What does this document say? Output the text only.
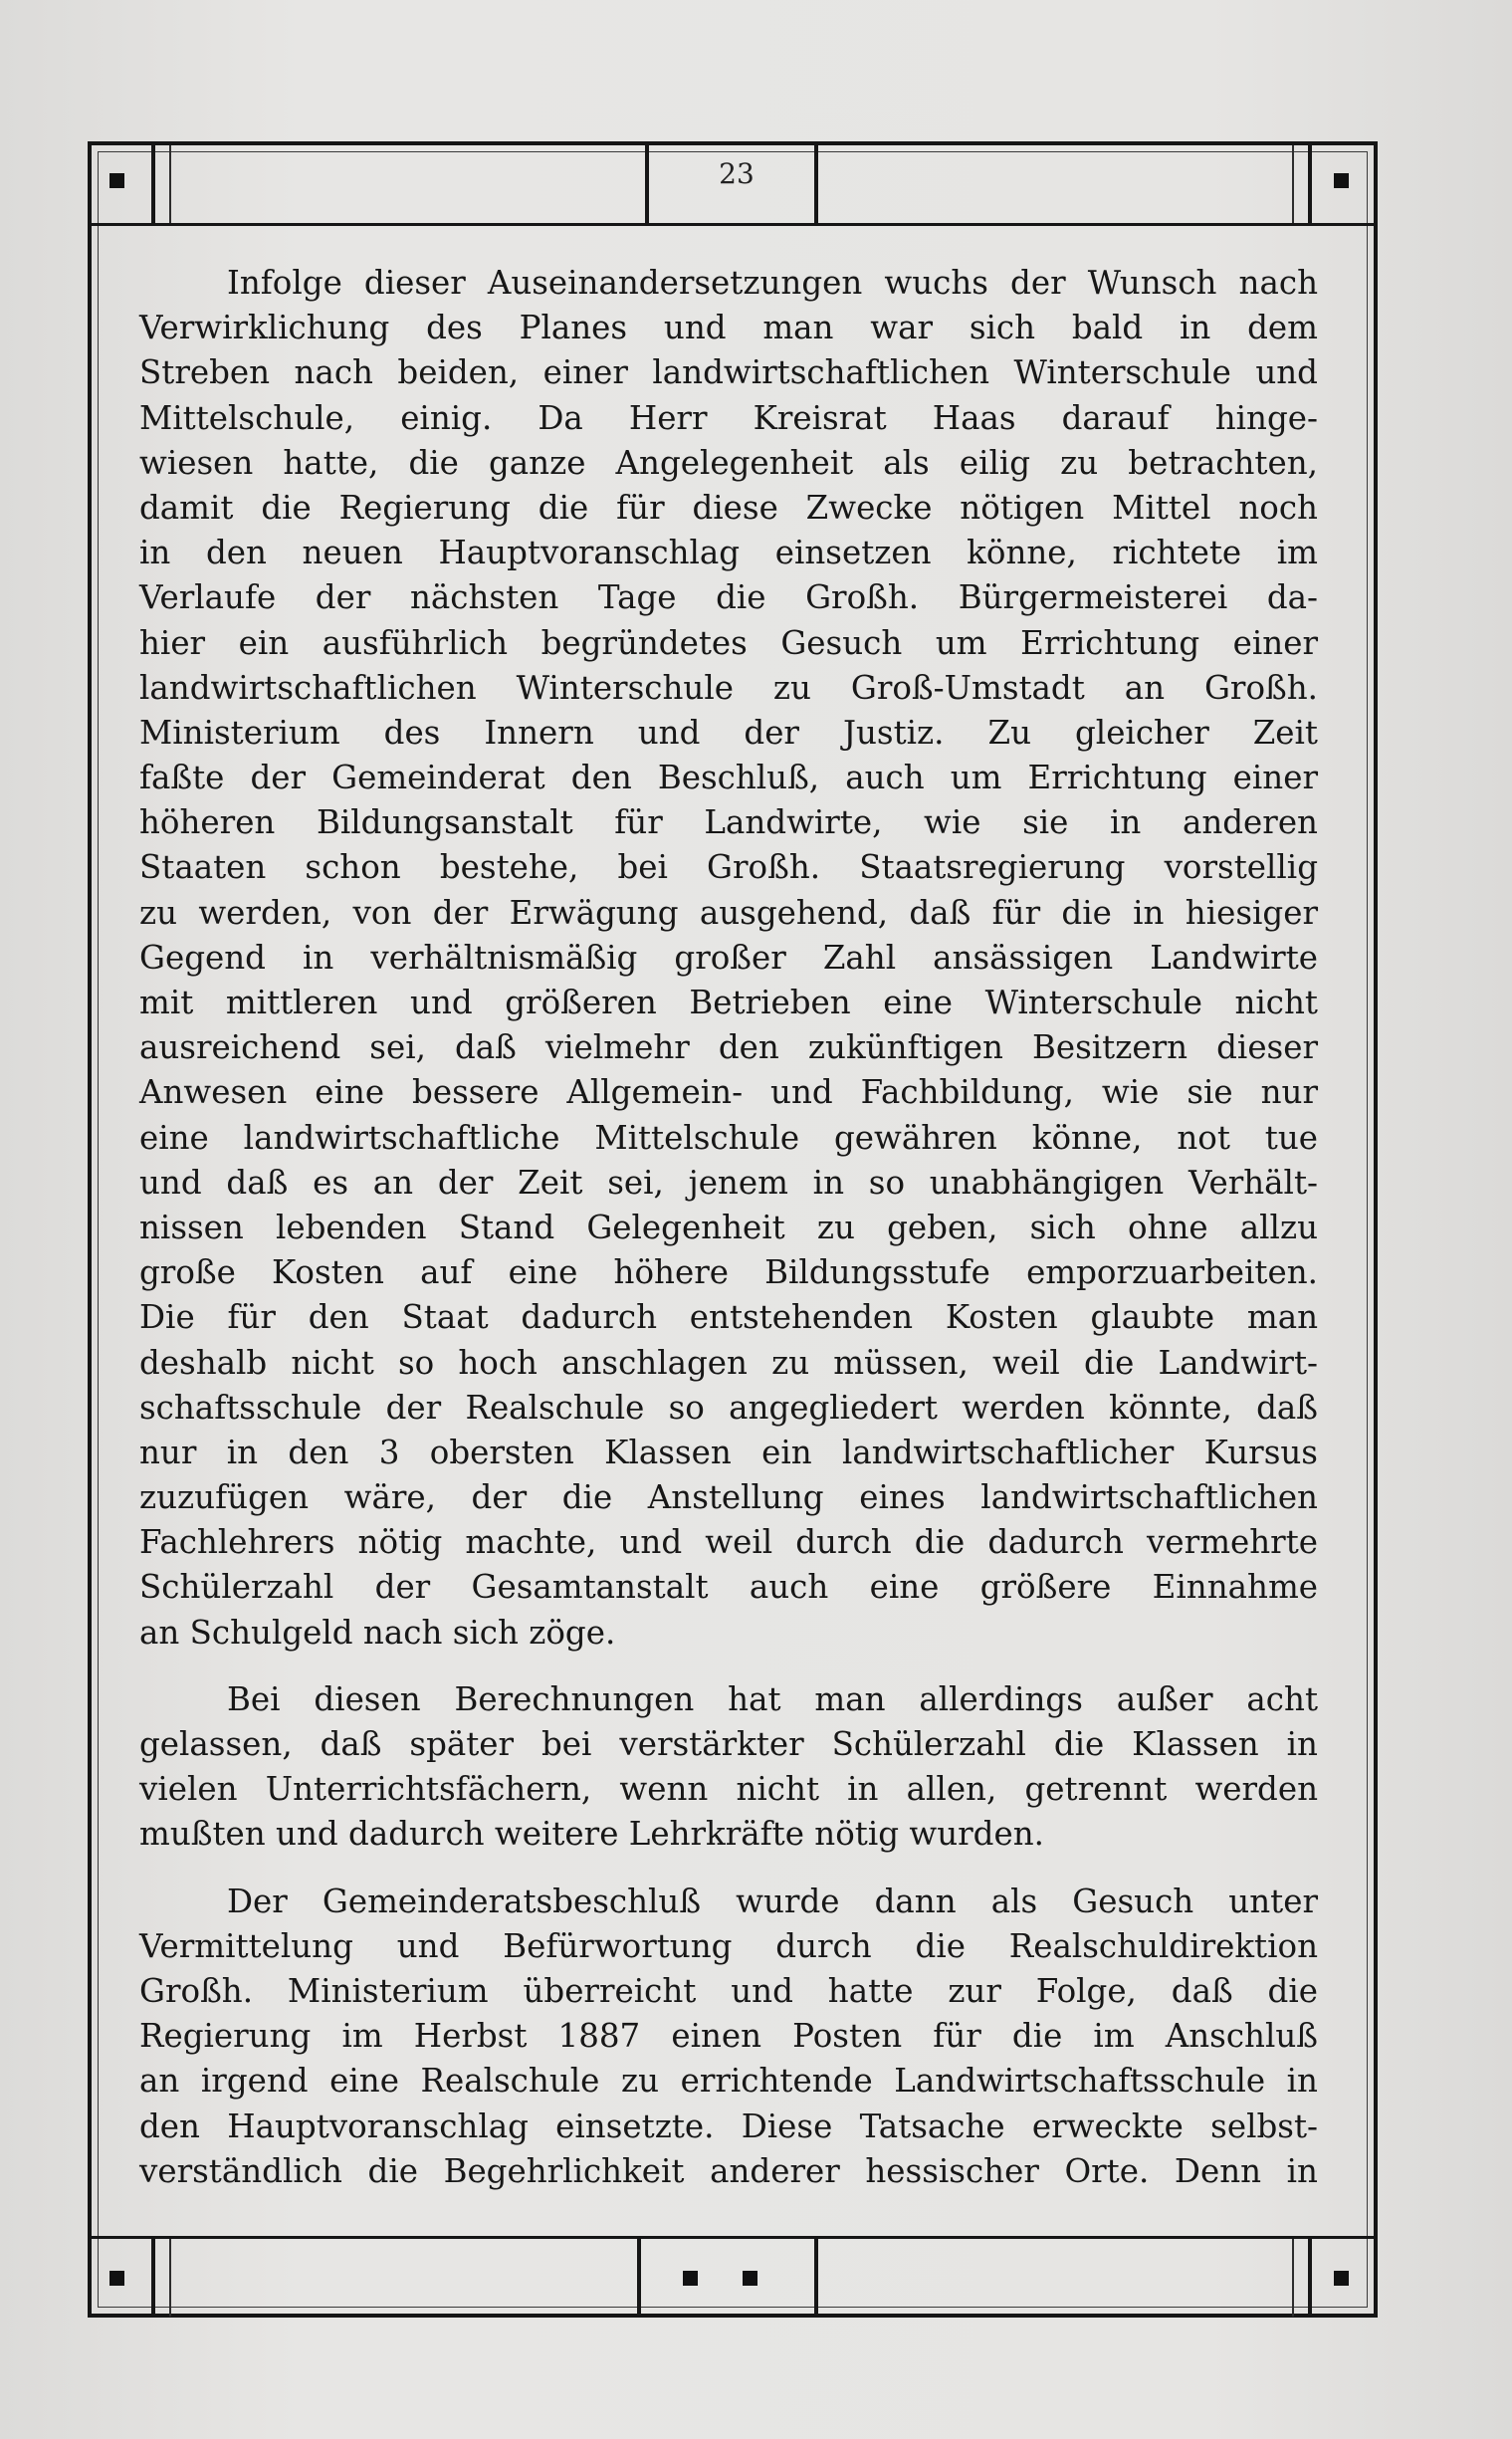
23
Infolge dieser Auseinandersetzungen wuchs der Wunsch nach
Verwirklichung des Planes und man war sich bald in dem
Streben nach beiden, einer landwirtschaftlichen Winterschule und
Mittelschule, einig. Da Herr Kreisrat Haas darauf hinge-
wiesen hatte, die ganze Angelegenheit als eilig zu betrachten,
damit die Regierung die für diese Zwecke nötigen Mittel noch
in den neuen Hauptvoranschlag einsetzen könne, richtete im
Verlaufe der nächsten Tage die Großh. Bürgermeisterei da-
hier ein ausführlich begründetes Gesuch um Errichtung einer
landwirtschaftlichen Winterschule zu Groß-Umstadt an Großh.
Ministerium des Innern und der Justiz. Zu gleicher Zeit
faßte der Gemeinderat den Beschluß, auch um Errichtung einer
höheren Bildungsanstalt für Landwirte, wie sie in anderen
Staaten schon bestehe, bei Großh. Staatsregierung vorstellig
zu werden, von der Erwägung ausgehend, daß für die in hiesiger
Gegend in verhältnismäßig großer Zahl ansässigen Landwirte
mit mittleren und größeren Betrieben eine Winterschule nicht
ausreichend sei, daß vielmehr den zukünftigen Besitzern dieser
Anwesen eine bessere Allgemein- und Fachbildung, wie sie nur
eine landwirtschaftliche Mittelschule gewähren könne, not tue
und daß es an der Zeit sei, jenem in so unabhängigen Verhält-
nissen lebenden Stand Gelegenheit zu geben, sich ohne allzu
große Kosten auf eine höhere Bildungsstufe emporzuarbeiten.
Die für den Staat dadurch entstehenden Kosten glaubte man
deshalb nicht so hoch anschlagen zu müssen, weil die Landwirt-
schaftsschule der Realschule so angegliedert werden könnte, daß
nur in den 3 obersten Klassen ein landwirtschaftlicher Kursus
zuzufügen wäre, der die Anstellung eines landwirtschaftlichen
Fachlehrers nötig machte, und weil durch die dadurch vermehrte
Schülerzahl der Gesamtanstalt auch eine größere Einnahme
an Schulgeld nach sich zöge.
Bei diesen Berechnungen hat man allerdings außer acht
gelassen, daß später bei verstärkter Schülerzahl die Klassen in
vielen Unterrichtsfächern, wenn nicht in allen, getrennt werden
mußten und dadurch weitere Lehrkräfte nötig wurden.
Der Gemeinderatsbeschluß wurde dann als Gesuch unter
Vermittelung und Befürwortung durch die Realschuldirektion
Großh. Ministerium überreicht und hatte zur Folge, daß die
Regierung im Herbst 1887 einen Posten für die im Anschluß
an irgend eine Realschule zu errichtende Landwirtschaftsschule in
den Hauptvoranschlag einsetzte. Diese Tatsache erweckte selbst-
verständlich die Begehrlichkeit anderer hessischer Orte. Denn in
